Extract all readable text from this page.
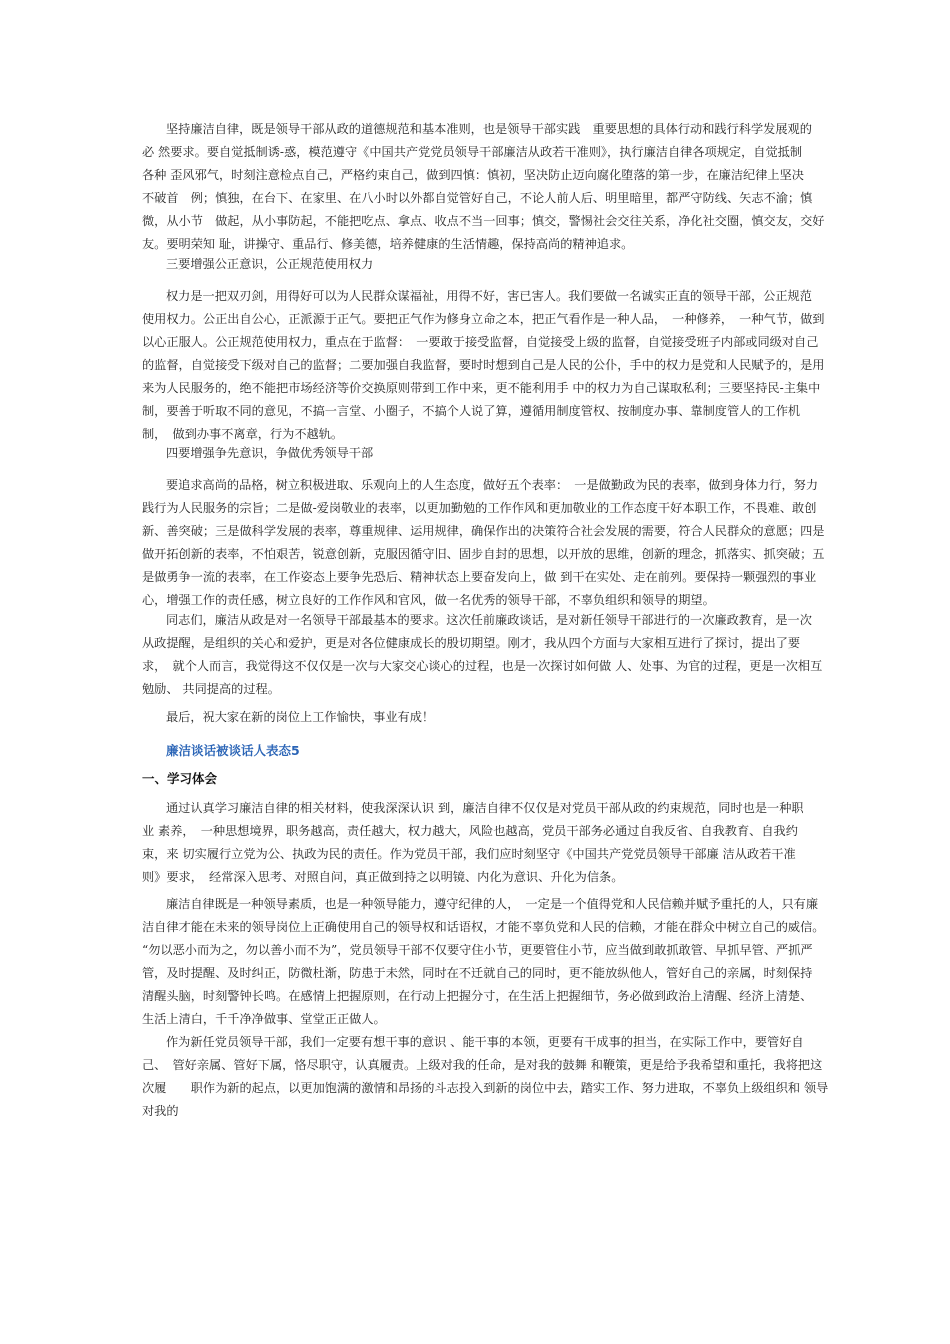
坚持廉洁自律，既是领导干部从政的道德规范和基本准则，也是领导干部实践　重要思想的具体行动和践行科学发展观的
必 然要求。要自觉抵制诱-惑，模范遵守《中国共产党党员领导干部廉洁从政若干准则》，执行廉洁自律各项规定，自觉抵制
各种 歪风邪气，时刻注意检点自己，严格约束自己，做到四慎：慎初，坚决防止迈向腐化堕落的第一步，在廉洁纪律上坚决
不破首　例；慎独，在台下、在家里、在八小时以外都自觉管好自己，不论人前人后、明里暗里，都严守防线、矢志不渝；慎
微，从小节　做起，从小事防起，不能把吃点、拿点、收点不当一回事；慎交，警惕社会交往关系，净化社交圈，慎交友，交好
友。要明荣知 耻，讲操守、重品行、修美德，培养健康的生活情趣，保持高尚的精神追求。
三要增强公正意识，公正规范使用权力
权力是一把双刃剑，用得好可以为人民群众谋福祉，用得不好，害已害人。我们要做一名诚实正直的领导干部，公正规范
使用权力。公正出自公心，正派源于正气。要把正气作为修身立命之本，把正气看作是一种人品，　一种修养，　一种气节，做到
以心正服人。公正规范使用权力，重点在于监督：　一要敢于接受监督，自觉接受上级的监督，自觉接受班子内部或同级对自己
的监督，自觉接受下级对自己的监督；二要加强自我监督，要时时想到自己是人民的公仆，手中的权力是党和人民赋予的，是用
来为人民服务的，绝不能把市场经济等价交换原则带到工作中来，更不能利用手 中的权力为自己谋取私利；三要坚持民-主集中
制，要善于听取不同的意见，不搞一言堂、小圈子，不搞个人说了算，遵循用制度管权、按制度办事、靠制度管人的工作机
制，　做到办事不离章，行为不越轨。
四要增强争先意识，争做优秀领导干部
要追求高尚的品格，树立积极进取、乐观向上的人生态度，做好五个表率：　一是做勤政为民的表率，做到身体力行，努力
践行为人民服务的宗旨；二是做-爱岗敬业的表率，以更加勤勉的工作作风和更加敬业的工作态度干好本职工作，不畏难、敢创
新、善突破；三是做科学发展的表率，尊重规律、运用规律，确保作出的决策符合社会发展的需要，符合人民群众的意愿；四是
做开拓创新的表率，不怕艰苦，锐意创新，克服因循守旧、固步自封的思想，以开放的思维，创新的理念，抓落实、抓突破；五
是做勇争一流的表率，在工作姿态上要争先恐后、精神状态上要奋发向上，做 到干在实处、走在前列。要保持一颗强烈的事业
心，增强工作的责任感，树立良好的工作作风和官风，做一名优秀的领导干部，不辜负组织和领导的期望。
同志们，廉洁从政是对一名领导干部最基本的要求。这次任前廉政谈话，是对新任领导干部进行的一次廉政教育，是一次
从政提醒，是组织的关心和爱护，更是对各位健康成长的殷切期望。刚才，我从四个方面与大家相互进行了探讨，提出了要
求，　就个人而言，我觉得这不仅仅是一次与大家交心谈心的过程，也是一次探讨如何做 人、处事、为官的过程，更是一次相互
勉励、 共同提高的过程。
最后，祝大家在新的岗位上工作愉快，事业有成！
廉洁谈话被谈话人表态5
一、学习体会
通过认真学习廉洁自律的相关材料，使我深深认识 到，廉洁自律不仅仅是对党员干部从政的约束规范，同时也是一种职
业 素养，　一种思想境界，职务越高，责任越大，权力越大，风险也越高，党员干部务必通过自我反省、自我教育、自我约
束，来 切实履行立党为公、执政为民的责任。作为党员干部，我们应时刻坚守《中国共产党党员领导干部廉 洁从政若干准
则》要求，　经常深入思考、对照自问，真正做到持之以明镜、内化为意识、升化为信条。
廉洁自律既是一种领导素质，也是一种领导能力，遵守纪律的人，　一定是一个值得党和人民信赖并赋予重托的人，只有廉
洁自律才能在未来的领导岗位上正确使用自己的领导权和话语权，才能不辜负党和人民的信赖，才能在群众中树立自己的威信。
“勿以恶小而为之，勿以善小而不为”，党员领导干部不仅要守住小节，更要管住小节，应当做到敢抓敢管、早抓早管、严抓严
管，及时提醒、及时纠正，防微杜渐，防患于未然，同时在不迁就自己的同时，更不能放纵他人，管好自己的亲属，时刻保持
清醒头脑，时刻警钟长鸣。在感情上把握原则，在行动上把握分寸，在生活上把握细节，务必做到政治上清醒、经济上清楚、
生活上清白，千千净净做事、堂堂正正做人。
作为新任党员领导干部，我们一定要有想干事的意识 、能干事的本领，更要有干成事的担当，在实际工作中，要管好自
己、　管好亲属、管好下属，恪尽职守，认真履责。上级对我的任命，是对我的鼓舞 和鞭策，更是给予我希望和重托，我将把这
次履　　职作为新的起点，以更加饱满的激情和昂扬的斗志投入到新的岗位中去，踏实工作、努力进取，不辜负上级组织和 领导
对我的
